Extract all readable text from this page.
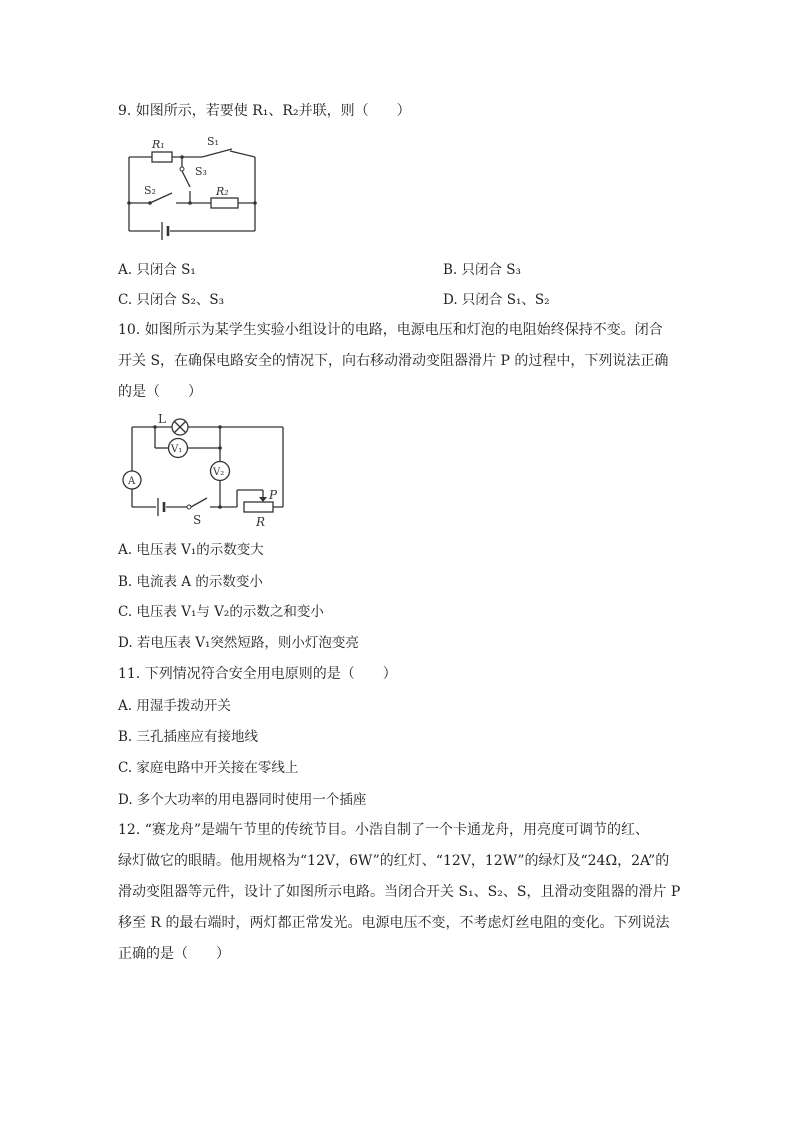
9. 如图所示，若要使 R₁、R₂并联，则（　　）
R₁	S₁
S₃
S₂	R₂
A. 只闭合 S₁	B. 只闭合 S₃
C. 只闭合 S₂、S₃	D. 只闭合 S₁、S₂
10. 如图所示为某学生实验小组设计的电路，电源电压和灯泡的电阻始终保持不变。闭合
开关 S，在确保电路安全的情况下，向右移动滑动变阻器滑片 P 的过程中，下列说法正确
的是（　　）
L
V₁
V₂
A
S
P
R
A. 电压表 V₁的示数变大
B. 电流表 A 的示数变小
C. 电压表 V₁与 V₂的示数之和变小
D. 若电压表 V₁突然短路，则小灯泡变亮
11. 下列情况符合安全用电原则的是（　　）
A. 用湿手拨动开关
B. 三孔插座应有接地线
C. 家庭电路中开关接在零线上
D. 多个大功率的用电器同时使用一个插座
12. “赛龙舟”是端午节里的传统节目。小浩自制了一个卡通龙舟，用亮度可调节的红、
绿灯做它的眼睛。他用规格为“12V，6W”的红灯、“12V，12W”的绿灯及“24Ω，2A”的
滑动变阻器等元件，设计了如图所示电路。当闭合开关 S₁、S₂、S，且滑动变阻器的滑片 P
移至 R 的最右端时，两灯都正常发光。电源电压不变，不考虑灯丝电阻的变化。下列说法
正确的是（　　）
